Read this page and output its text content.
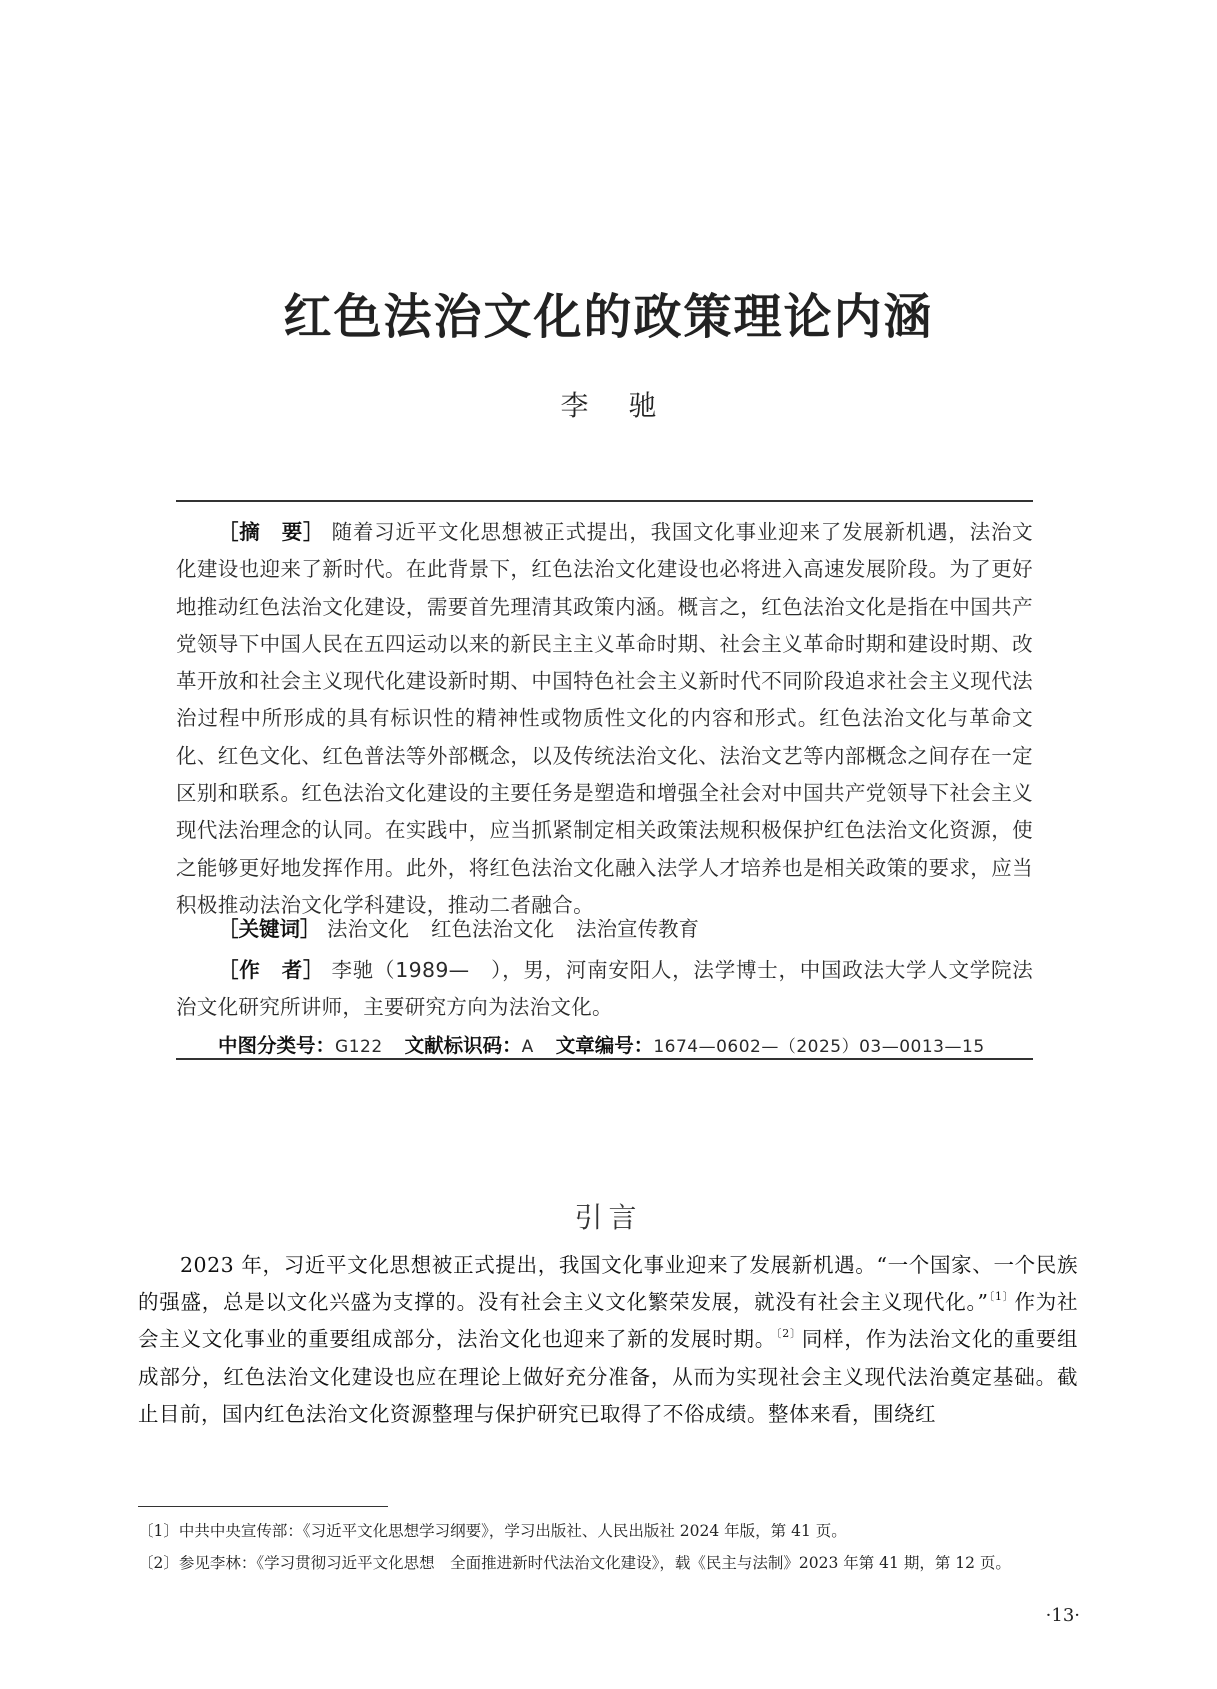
红色法治文化的政策理论内涵
李驰
［摘　要］ 随着习近平文化思想被正式提出，我国文化事业迎来了发展新机遇，法治文化建设也迎来了新时代。在此背景下，红色法治文化建设也必将进入高速发展阶段。为了更好地推动红色法治文化建设，需要首先理清其政策内涵。概言之，红色法治文化是指在中国共产党领导下中国人民在五四运动以来的新民主主义革命时期、社会主义革命时期和建设时期、改革开放和社会主义现代化建设新时期、中国特色社会主义新时代不同阶段追求社会主义现代法治过程中所形成的具有标识性的精神性或物质性文化的内容和形式。红色法治文化与革命文化、红色文化、红色普法等外部概念，以及传统法治文化、法治文艺等内部概念之间存在一定区别和联系。红色法治文化建设的主要任务是塑造和增强全社会对中国共产党领导下社会主义现代法治理念的认同。在实践中，应当抓紧制定相关政策法规积极保护红色法治文化资源，使之能够更好地发挥作用。此外，将红色法治文化融入法学人才培养也是相关政策的要求，应当积极推动法治文化学科建设，推动二者融合。
［关键词］ 法治文化 红色法治文化 法治宣传教育
［作　者］ 李驰（1989—　），男，河南安阳人，法学博士，中国政法大学人文学院法治文化研究所讲师，主要研究方向为法治文化。
中图分类号：G122 文献标识码：A 文章编号：1674—0602—（2025）03—0013—15
引言
2023 年，习近平文化思想被正式提出，我国文化事业迎来了发展新机遇。“一个国家、一个民族的强盛，总是以文化兴盛为支撑的。没有社会主义文化繁荣发展，就没有社会主义现代化。”$^{〔1〕}$作为社会主义文化事业的重要组成部分，法治文化也迎来了新的发展时期。$^{〔2〕}$同样，作为法治文化的重要组成部分，红色法治文化建设也应在理论上做好充分准备，从而为实现社会主义现代法治奠定基础。截止目前，国内红色法治文化资源整理与保护研究已取得了不俗成绩。整体来看，围绕红
〔1〕中共中央宣传部：《习近平文化思想学习纲要》，学习出版社、人民出版社 2024 年版，第 41 页。
〔2〕参见李林：《学习贯彻习近平文化思想　全面推进新时代法治文化建设》，载《民主与法制》2023 年第 41 期，第 12 页。
·13·
